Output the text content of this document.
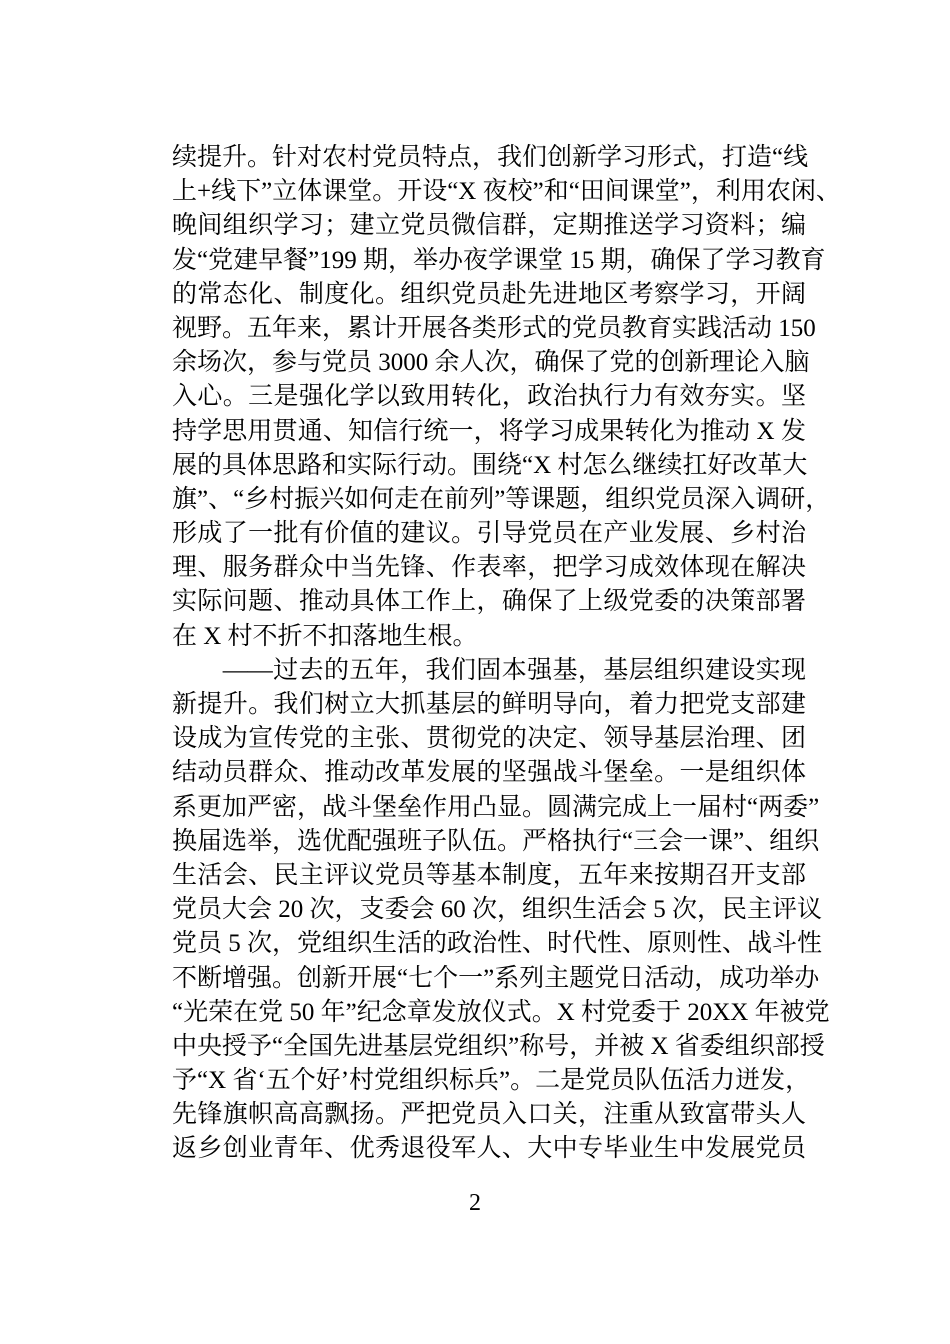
续提升。针对农村党员特点，我们创新学习形式，打造“线
上+线下”立体课堂。开设“X 夜校”和“田间课堂”，利用农闲、
晚间组织学习；建立党员微信群，定期推送学习资料；编
发“党建早餐”199 期，举办夜学课堂 15 期，确保了学习教育
的常态化、制度化。组织党员赴先进地区考察学习，开阔
视野。五年来，累计开展各类形式的党员教育实践活动 150
余场次，参与党员 3000 余人次，确保了党的创新理论入脑
入心。三是强化学以致用转化，政治执行力有效夯实。坚
持学思用贯通、知信行统一，将学习成果转化为推动 X 发
展的具体思路和实际行动。围绕“X 村怎么继续扛好改革大
旗”、“乡村振兴如何走在前列”等课题，组织党员深入调研，
形成了一批有价值的建议。引导党员在产业发展、乡村治
理、服务群众中当先锋、作表率，把学习成效体现在解决
实际问题、推动具体工作上，确保了上级党委的决策部署
在 X 村不折不扣落地生根。
　　——过去的五年，我们固本强基，基层组织建设实现
新提升。我们树立大抓基层的鲜明导向，着力把党支部建
设成为宣传党的主张、贯彻党的决定、领导基层治理、团
结动员群众、推动改革发展的坚强战斗堡垒。一是组织体
系更加严密，战斗堡垒作用凸显。圆满完成上一届村“两委”
换届选举，选优配强班子队伍。严格执行“三会一课”、组织
生活会、民主评议党员等基本制度，五年来按期召开支部
党员大会 20 次，支委会 60 次，组织生活会 5 次，民主评议
党员 5 次，党组织生活的政治性、时代性、原则性、战斗性
不断增强。创新开展“七个一”系列主题党日活动，成功举办
“光荣在党 50 年”纪念章发放仪式。X 村党委于 20XX 年被党
中央授予“全国先进基层党组织”称号，并被 X 省委组织部授
予“X 省‘五个好’村党组织标兵”。二是党员队伍活力迸发，
先锋旗帜高高飘扬。严把党员入口关，注重从致富带头人
返乡创业青年、优秀退役军人、大中专毕业生中发展党员
2
